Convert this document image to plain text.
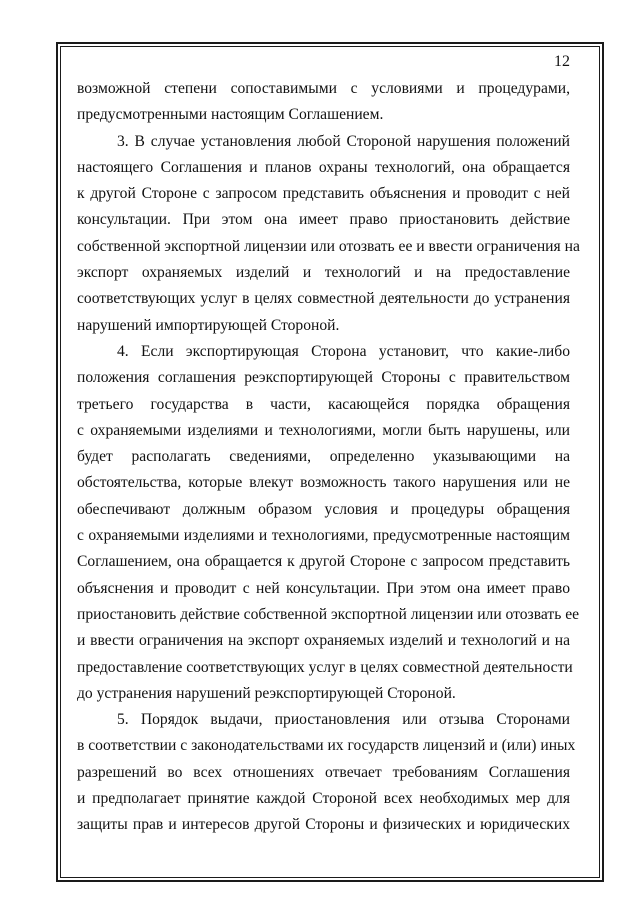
12
возможной степени сопоставимыми с условиями и процедурами,
предусмотренными настоящим Соглашением.
3. В случае установления любой Стороной нарушения положений
настоящего Соглашения и планов охраны технологий, она обращается
к другой Стороне с запросом представить объяснения и проводит с ней
консультации. При этом она имеет право приостановить действие
собственной экспортной лицензии или отозвать ее и ввести ограничения на
экспорт охраняемых изделий и технологий и на предоставление
соответствующих услуг в целях совместной деятельности до устранения
нарушений импортирующей Стороной.
4. Если экспортирующая Сторона установит, что какие-либо
положения соглашения реэкспортирующей Стороны с правительством
третьего государства в части, касающейся порядка обращения
с охраняемыми изделиями и технологиями, могли быть нарушены, или
будет располагать сведениями, определенно указывающими на
обстоятельства, которые влекут возможность такого нарушения или не
обеспечивают должным образом условия и процедуры обращения
с охраняемыми изделиями и технологиями, предусмотренные настоящим
Соглашением, она обращается к другой Стороне с запросом представить
объяснения и проводит с ней консультации. При этом она имеет право
приостановить действие собственной экспортной лицензии или отозвать ее
и ввести ограничения на экспорт охраняемых изделий и технологий и на
предоставление соответствующих услуг в целях совместной деятельности
до устранения нарушений реэкспортирующей Стороной.
5. Порядок выдачи, приостановления или отзыва Сторонами
в соответствии с законодательствами их государств лицензий и (или) иных
разрешений во всех отношениях отвечает требованиям Соглашения
и предполагает принятие каждой Стороной всех необходимых мер для
защиты прав и интересов другой Стороны и физических и юридических
